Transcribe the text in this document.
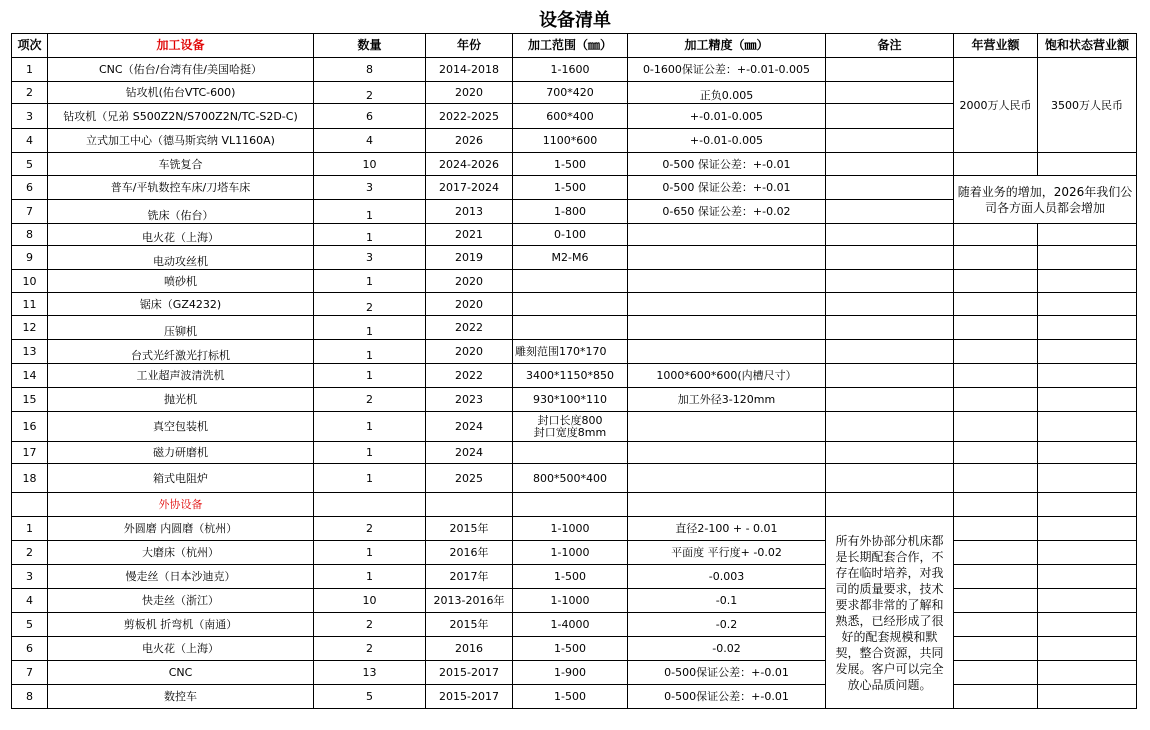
设备清单
项次	加工设备	数量	年份	加工范围（㎜）	加工精度（㎜）	备注	年营业额	饱和状态营业额
1	CNC（佑台/台湾有佳/美国哈挺）	8	2014-2018	1-1600	0-1600保证公差：+-0.01-0.005		2000万人民币	3500万人民币
2	钻攻机(佑台VTC-600)	2	2020	700*420	正负0.005			
3	钻攻机（兄弟 S500Z2N/S700Z2N/TC-S2D-C)	6	2022-2025	600*400	+-0.01-0.005			
4	立式加工中心（德马斯宾纳 VL1160A)	4	2026	1100*600	+-0.01-0.005			
5	车铣复合	10	2024-2026	1-500	0-500 保证公差：+-0.01			
6	普车/平轨数控车床/刀塔车床	3	2017-2024	1-500	0-500 保证公差：+-0.01		随着业务的增加，2026年我们公司各方面人员都会增加	
7	铣床（佑台）	1	2013	1-800	0-650 保证公差：+-0.02			
8	电火花（上海）	1	2021	0-100				
9	电动攻丝机	3	2019	M2-M6				
10	喷砂机	1	2020					
11	锯床（GZ4232)	2	2020					
12	压铆机	1	2022					
13	台式光纤激光打标机	1	2020	雕刻范围170*170				
14	工业超声波清洗机	1	2022	3400*1150*850	1000*600*600(内槽尺寸）			
15	抛光机	2	2023	930*100*110	加工外径3-120mm			
16	真空包装机	1	2024	封口长度800
封口宽度8mm				
17	磁力研磨机	1	2024					
18	箱式电阻炉	1	2025	800*500*400				
	外协设备							
1	外圆磨 内圆磨（杭州）	2	2015年	1-1000	直径2-100 + - 0.01	所有外协部分机床都是长期配套合作，不存在临时培养，对我司的质量要求，技术要求都非常的了解和熟悉，已经形成了很好的配套规模和默契，整合资源，共同发展。客户可以完全放心品质问题。		
2	大磨床（杭州）	1	2016年	1-1000	平面度 平行度+ -0.02			
3	慢走丝（日本沙迪克）	1	2017年	1-500	-0.003			
4	快走丝（浙江）	10	2013-2016年	1-1000	-0.1			
5	剪板机 折弯机（南通）	2	2015年	1-4000	-0.2			
6	电火花（上海）	2	2016	1-500	-0.02			
7	CNC	13	2015-2017	1-900	0-500保证公差：+-0.01			
8	数控车	5	2015-2017	1-500	0-500保证公差：+-0.01			
